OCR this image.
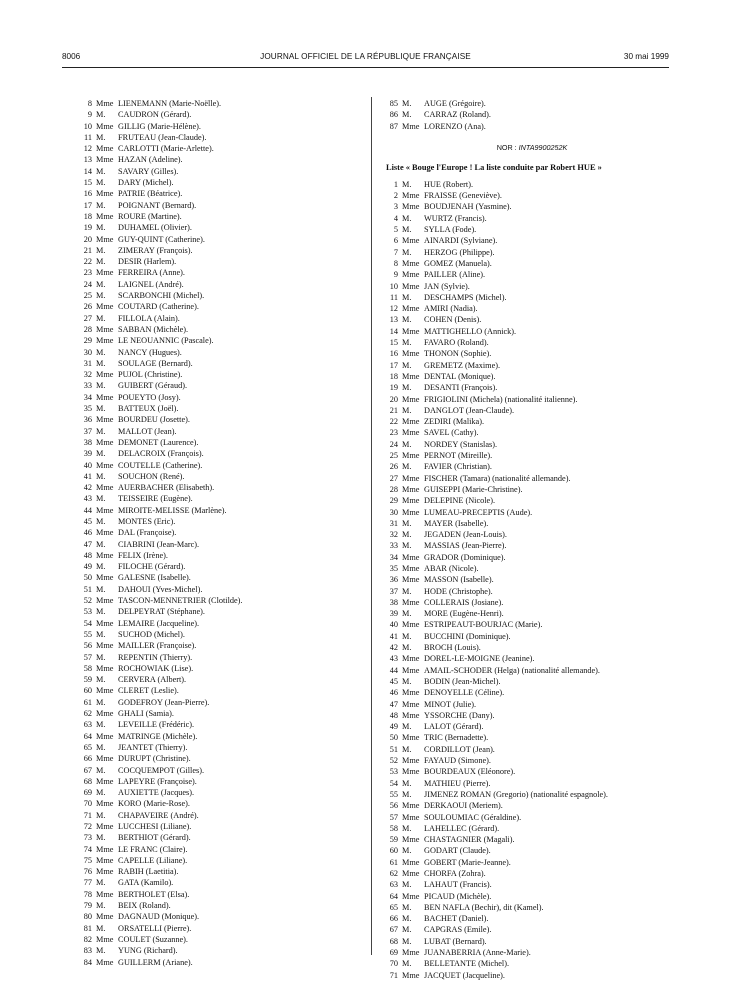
8006	JOURNAL OFFICIEL DE LA RÉPUBLIQUE FRANÇAISE	30 mai 1999
8 Mme LIENEMANN (Marie-Noëlle).
9 M. CAUDRON (Gérard).
10 Mme GILLIG (Marie-Hélène).
11 M. FRUTEAU (Jean-Claude).
12 Mme CARLOTTI (Marie-Arlette).
13 Mme HAZAN (Adeline).
14 M. SAVARY (Gilles).
15 M. DARY (Michel).
16 Mme PATRIE (Béatrice).
17 M. POIGNANT (Bernard).
18 Mme ROURE (Martine).
19 M. DUHAMEL (Olivier).
20 Mme GUY-QUINT (Catherine).
21 M. ZIMERAY (François).
22 M. DESIR (Harlem).
23 Mme FERREIRA (Anne).
24 M. LAIGNEL (André).
25 M. SCARBONCHI (Michel).
26 Mme COUTARD (Catherine).
27 M. FILLOLA (Alain).
28 Mme SABBAN (Michèle).
29 Mme LE NEOUANNIC (Pascale).
30 M. NANCY (Hugues).
31 M. SOULAGE (Bernard).
32 Mme PUJOL (Christine).
33 M. GUIBERT (Géraud).
34 Mme POUEYTO (Josy).
35 M. BATTEUX (Joël).
36 Mme BOURDEU (Josette).
37 M. MALLOT (Jean).
38 Mme DEMONET (Laurence).
39 M. DELACROIX (François).
40 Mme COUTELLE (Catherine).
41 M. SOUCHON (René).
42 Mme AUERBACHER (Elisabeth).
43 M. TEISSEIRE (Eugène).
44 Mme MIROITE-MELISSE (Marlène).
45 M. MONTES (Eric).
46 Mme DAL (Françoise).
47 M. CIABRINI (Jean-Marc).
48 Mme FELIX (Irène).
49 M. FILOCHE (Gérard).
50 Mme GALESNE (Isabelle).
51 M. DAHOUI (Yves-Michel).
52 Mme TASCON-MENNETRIER (Clotilde).
53 M. DELPEYRAT (Stéphane).
54 Mme LEMAIRE (Jacqueline).
55 M. SUCHOD (Michel).
56 Mme MAILLER (Françoise).
57 M. REPENTIN (Thierry).
58 Mme ROCHOWIAK (Lise).
59 M. CERVERA (Albert).
60 Mme CLERET (Leslie).
61 M. GODEFROY (Jean-Pierre).
62 Mme GHALI (Samia).
63 M. LEVEILLE (Frédéric).
64 Mme MATRINGE (Michèle).
65 M. JEANTET (Thierry).
66 Mme DURUPT (Christine).
67 M. COCQUEMPOT (Gilles).
68 Mme LAPEYRE (Françoise).
69 M. AUXIETTE (Jacques).
70 Mme KORO (Marie-Rose).
71 M. CHAPAVEIRE (André).
72 Mme LUCCHESI (Liliane).
73 M. BERTHIOT (Gérard).
74 Mme LE FRANC (Claire).
75 Mme CAPELLE (Liliane).
76 Mme RABIH (Laetitia).
77 M. GATA (Kamilo).
78 Mme BERTHOLET (Elsa).
79 M. BEIX (Roland).
80 Mme DAGNAUD (Monique).
81 M. ORSATELLI (Pierre).
82 Mme COULET (Suzanne).
83 M. YUNG (Richard).
84 Mme GUILLERM (Ariane).
85 M. AUGE (Grégoire).
86 M. CARRAZ (Roland).
87 Mme LORENZO (Ana).
NOR : INTA9900252K
Liste « Bouge l'Europe ! La liste conduite par Robert HUE »
1 M. HUE (Robert).
2 Mme FRAISSE (Geneviève).
3 Mme BOUDJENAH (Yasmine).
4 M. WURTZ (Francis).
5 M. SYLLA (Fode).
6 Mme AINARDI (Sylviane).
7 M. HERZOG (Philippe).
8 Mme GOMEZ (Manuela).
9 Mme PAILLER (Aline).
10 Mme JAN (Sylvie).
11 M. DESCHAMPS (Michel).
12 Mme AMIRI (Nadia).
13 M. COHEN (Denis).
14 Mme MATTIGHELLO (Annick).
15 M. FAVARO (Roland).
16 Mme THONON (Sophie).
17 M. GREMETZ (Maxime).
18 Mme DENTAL (Monique).
19 M. DESANTI (François).
20 Mme FRIGIOLINI (Michela) (nationalité italienne).
21 M. DANGLOT (Jean-Claude).
22 Mme ZEDIRI (Malika).
23 Mme SAVEL (Cathy).
24 M. NORDEY (Stanislas).
25 Mme PERNOT (Mireille).
26 M. FAVIER (Christian).
27 Mme FISCHER (Tamara) (nationalité allemande).
28 Mme GUISEPPI (Marie-Christine).
29 Mme DELEPINE (Nicole).
30 Mme LUMEAU-PRECEPTIS (Aude).
31 M. MAYER (Isabelle).
32 M. JEGADEN (Jean-Louis).
33 M. MASSIAS (Jean-Pierre).
34 Mme GRADOR (Dominique).
35 Mme ABAR (Nicole).
36 Mme MASSON (Isabelle).
37 M. HODE (Christophe).
38 Mme COLLERAIS (Josiane).
39 M. MORE (Eugène-Henri).
40 Mme ESTRIPEAUT-BOURJAC (Marie).
41 M. BUCCHINI (Dominique).
42 M. BROCH (Louis).
43 Mme DOREL-LE-MOIGNE (Jeanine).
44 Mme AMAIL-SCHODER (Helga) (nationalité allemande).
45 M. BODIN (Jean-Michel).
46 Mme DENOYELLE (Céline).
47 Mme MINOT (Julie).
48 Mme YSSORCHE (Dany).
49 M. LALOT (Gérard).
50 Mme TRIC (Bernadette).
51 M. CORDILLOT (Jean).
52 Mme FAYAUD (Simone).
53 Mme BOURDEAUX (Eléonore).
54 M. MATHIEU (Pierre).
55 M. JIMENEZ ROMAN (Gregorio) (nationalité espagnole).
56 Mme DERKAOUI (Meriem).
57 Mme SOULOUMIAC (Géraldine).
58 M. LAHELLEC (Gérard).
59 Mme CHASTAGNIER (Magali).
60 M. GODART (Claude).
61 Mme GOBERT (Marie-Jeanne).
62 Mme CHORFA (Zohra).
63 M. LAHAUT (Francis).
64 Mme PICAUD (Michèle).
65 M. BEN NAFLA (Bechir), dit (Kamel).
66 M. BACHET (Daniel).
67 M. CAPGRAS (Emile).
68 M. LUBAT (Bernard).
69 Mme JUANABERRIA (Anne-Marie).
70 M. BELLETANTE (Michel).
71 Mme JACQUET (Jacqueline).
